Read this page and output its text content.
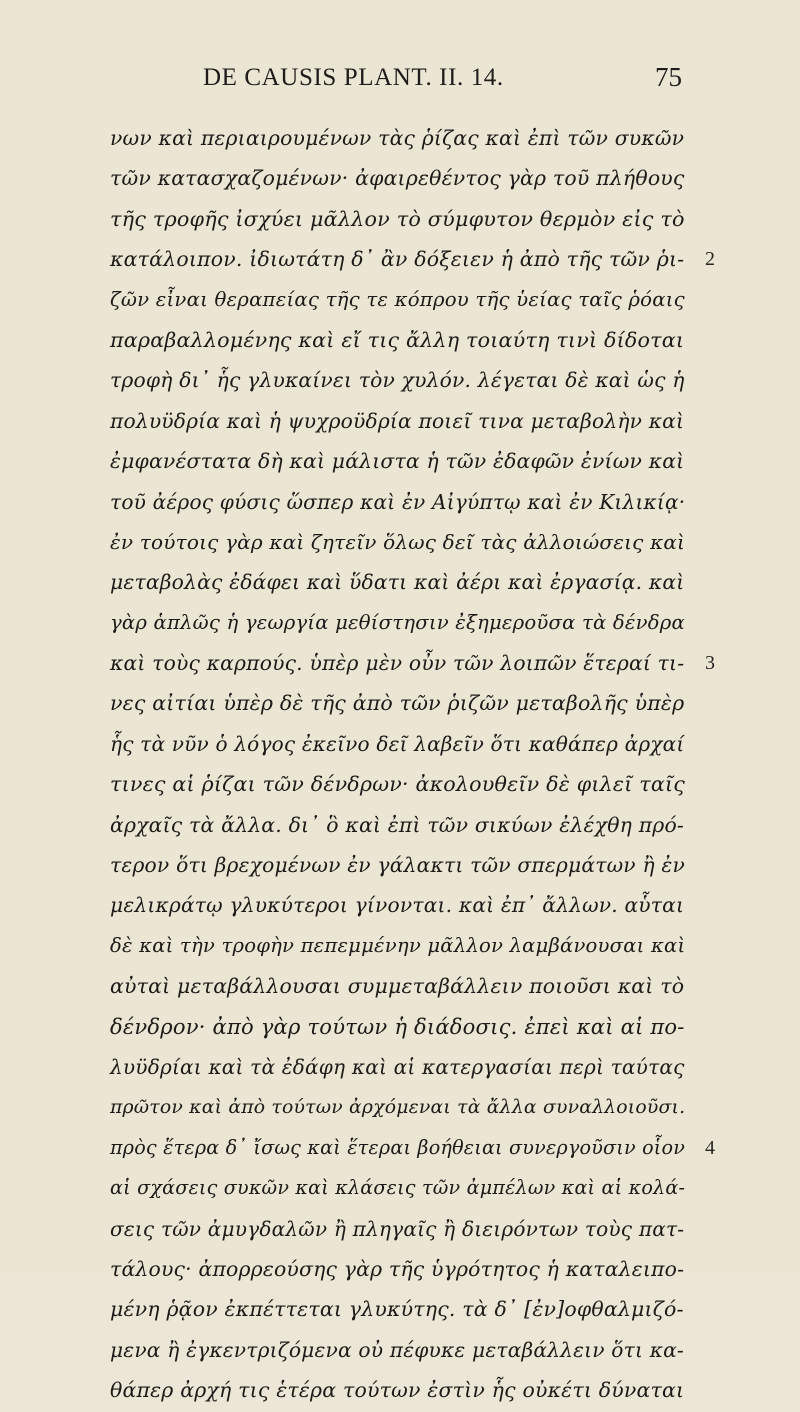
DE CAUSIS PLANT. II. 14.	75
νων καὶ περιαιρουμένων τὰς ῥίζας καὶ ἐπὶ τῶν συκῶν
τῶν κατασχαζομένων· ἀφαιρεθέντος γὰρ τοῦ πλήθους
τῆς τροφῆς ἰσχύει μᾶλλον τὸ σύμφυτον θερμὸν εἰς τὸ
κατάλοιπον. ἰδιωτάτη δ᾽ ἂν δόξειεν ἡ ἀπὸ τῆς τῶν ῥι- 2
ζῶν εἶναι θεραπείας τῆς τε κόπρου τῆς ὑείας ταῖς ῥόαις
παραβαλλομένης καὶ εἴ τις ἄλλη τοιαύτη τινὶ δίδοται
τροφὴ δι᾽ ἧς γλυκαίνει τὸν χυλόν. λέγεται δὲ καὶ ὡς ἡ
πολυϋδρία καὶ ἡ ψυχροϋδρία ποιεῖ τινα μεταβολὴν καὶ
ἐμφανέστατα δὴ καὶ μάλιστα ἡ τῶν ἐδαφῶν ἐνίων καὶ
τοῦ ἀέρος φύσις ὥσπερ καὶ ἐν Αἰγύπτῳ καὶ ἐν Κιλικίᾳ·
ἐν τούτοις γὰρ καὶ ζητεῖν ὅλως δεῖ τὰς ἀλλοιώσεις καὶ
μεταβολὰς ἐδάφει καὶ ὕδατι καὶ ἀέρι καὶ ἐργασίᾳ. καὶ
γὰρ ἁπλῶς ἡ γεωργία μεθίστησιν ἐξημεροῦσα τὰ δένδρα
καὶ τοὺς καρπούς. ὑπὲρ μὲν οὖν τῶν λοιπῶν ἕτεραί τι- 3
νες αἰτίαι ὑπὲρ δὲ τῆς ἀπὸ τῶν ῥιζῶν μεταβολῆς ὑπὲρ
ἧς τὰ νῦν ὁ λόγος ἐκεῖνο δεῖ λαβεῖν ὅτι καθάπερ ἀρχαί
τινες αἱ ῥίζαι τῶν δένδρων· ἀκολουθεῖν δὲ φιλεῖ ταῖς
ἀρχαῖς τὰ ἄλλα. δι᾽ ὃ καὶ ἐπὶ τῶν σικύων ἐλέχθη πρό-
τερον ὅτι βρεχομένων ἐν γάλακτι τῶν σπερμάτων ἢ ἐν
μελικράτῳ γλυκύτεροι γίνονται. καὶ ἐπ᾽ ἄλλων. αὗται
δὲ καὶ τὴν τροφὴν πεπεμμένην μᾶλλον λαμβάνουσαι καὶ
αὐταὶ μεταβάλλουσαι συμμεταβάλλειν ποιοῦσι καὶ τὸ
δένδρον· ἀπὸ γὰρ τούτων ἡ διάδοσις. ἐπεὶ καὶ αἱ πο-
λυϋδρίαι καὶ τὰ ἐδάφη καὶ αἱ κατεργασίαι περὶ ταύτας
πρῶτον καὶ ἀπὸ τούτων ἀρχόμεναι τὰ ἄλλα συναλλοιοῦσι.
πρὸς ἕτερα δ᾽ ἴσως καὶ ἕτεραι βοήθειαι συνεργοῦσιν οἷον 4
αἱ σχάσεις συκῶν καὶ κλάσεις τῶν ἀμπέλων καὶ αἱ κολά-
σεις τῶν ἀμυγδαλῶν ἢ πληγαῖς ἢ διειρόντων τοὺς πατ-
τάλους· ἀπορρεούσης γὰρ τῆς ὑγρότητος ἡ καταλειπο-
μένη ῥᾷον ἐκπέττεται γλυκύτης. τὰ δ᾽ [ἐν]οφθαλμιζό-
μενα ἢ ἐγκεντριζόμενα οὐ πέφυκε μεταβάλλειν ὅτι κα-
θάπερ ἀρχή τις ἑτέρα τούτων ἐστὶν ἧς οὐκέτι δύναται
